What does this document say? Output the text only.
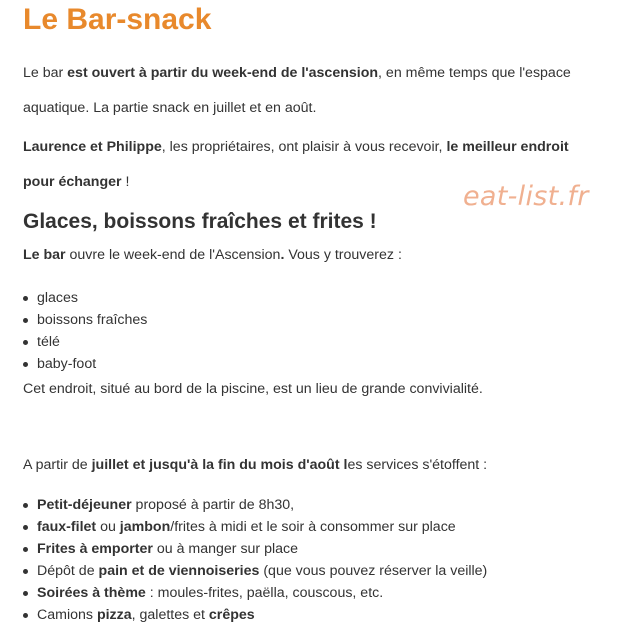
Le Bar-snack

Le bar est ouvert à partir du week-end de l'ascension, en même temps que l'espace aquatique. La partie snack en juillet et en août.

Laurence et Philippe, les propriétaires, ont plaisir à vous recevoir, le meilleur endroit pour échanger !

Glaces, boissons fraîches et frites !

Le bar ouvre le week-end de l'Ascension. Vous y trouverez :

glaces
boissons fraîches
télé
baby-foot

Cet endroit, situé au bord de la piscine, est un lieu de grande convivialité.

A partir de juillet et jusqu'à la fin du mois d'août les services s'étoffent :

Petit-déjeuner proposé à partir de 8h30,
faux-filet ou jambon/frites à midi et le soir à consommer sur place
Frites à emporter ou à manger sur place
Dépôt de pain et de viennoiseries (que vous pouvez réserver la veille)
Soirées à thème : moules-frites, paëlla, couscous, etc.
Camions pizza, galettes et crêpes
eat-list.fr
